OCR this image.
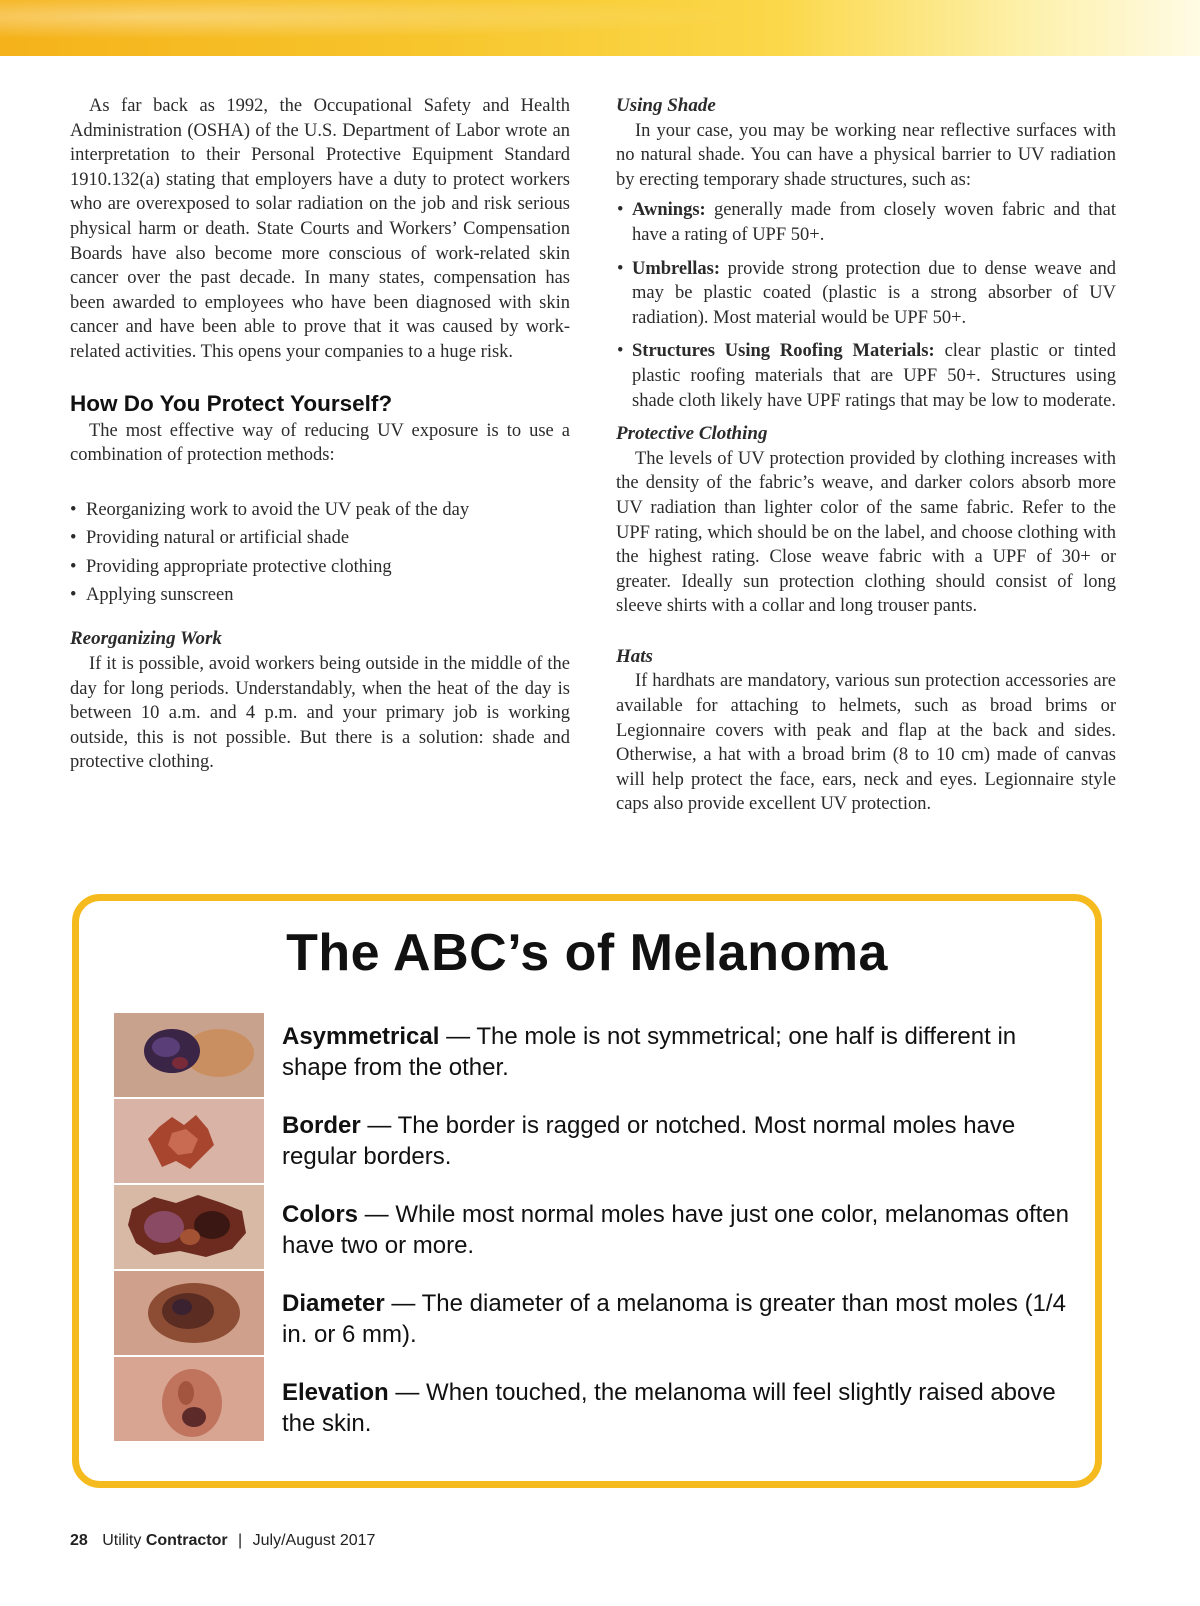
As far back as 1992, the Occupational Safety and Health Administration (OSHA) of the U.S. Department of Labor wrote an interpretation to their Personal Protective Equipment Standard 1910.132(a) stating that employers have a duty to protect workers who are overexposed to solar radiation on the job and risk serious physical harm or death. State Courts and Workers’ Compensation Boards have also become more conscious of work-related skin cancer over the past decade. In many states, compensation has been awarded to employees who have been diagnosed with skin cancer and have been able to prove that it was caused by work-related activities. This opens your companies to a huge risk.

How Do You Protect Yourself?

The most effective way of reducing UV exposure is to use a combination of protection methods:

• Reorganizing work to avoid the UV peak of the day
• Providing natural or artificial shade
• Providing appropriate protective clothing
• Applying sunscreen
Reorganizing Work

If it is possible, avoid workers being outside in the middle of the day for long periods. Understandably, when the heat of the day is between 10 a.m. and 4 p.m. and your primary job is working outside, this is not possible. But there is a solution: shade and protective clothing.

Using Shade

In your case, you may be working near reflective surfaces with no natural shade. You can have a physical barrier to UV radiation by erecting temporary shade structures, such as:

• Awnings: generally made from closely woven fabric and that have a rating of UPF 50+.
• Umbrellas: provide strong protection due to dense weave and may be plastic coated (plastic is a strong absorber of UV radiation). Most material would be UPF 50+.
• Structures Using Roofing Materials: clear plastic or tinted plastic roofing materials that are UPF 50+. Structures using shade cloth likely have UPF ratings that may be low to moderate.
Protective Clothing

The levels of UV protection provided by clothing increases with the density of the fabric’s weave, and darker colors absorb more UV radiation than lighter color of the same fabric. Refer to the UPF rating, which should be on the label, and choose clothing with the highest rating. Close weave fabric with a UPF of 30+ or greater. Ideally sun protection clothing should consist of long sleeve shirts with a collar and long trouser pants.

Hats

If hardhats are mandatory, various sun protection accessories are available for attaching to helmets, such as broad brims or Legionnaire covers with peak and flap at the back and sides. Otherwise, a hat with a broad brim (8 to 10 cm) made of canvas will help protect the face, ears, neck and eyes. Legionnaire style caps also provide excellent UV protection.

The ABC’s of Melanoma
Asymmetrical — The mole is not symmetrical; one half is different in shape from the other.
Border — The border is ragged or notched. Most normal moles have regular borders.
Colors — While most normal moles have just one color, melanomas often have two or more.
Diameter — The diameter of a melanoma is greater than most moles (1/4 in. or 6 mm).
Elevation — When touched, the melanoma will feel slightly raised above the skin.
28 Utility Contractor | July/August 2017
